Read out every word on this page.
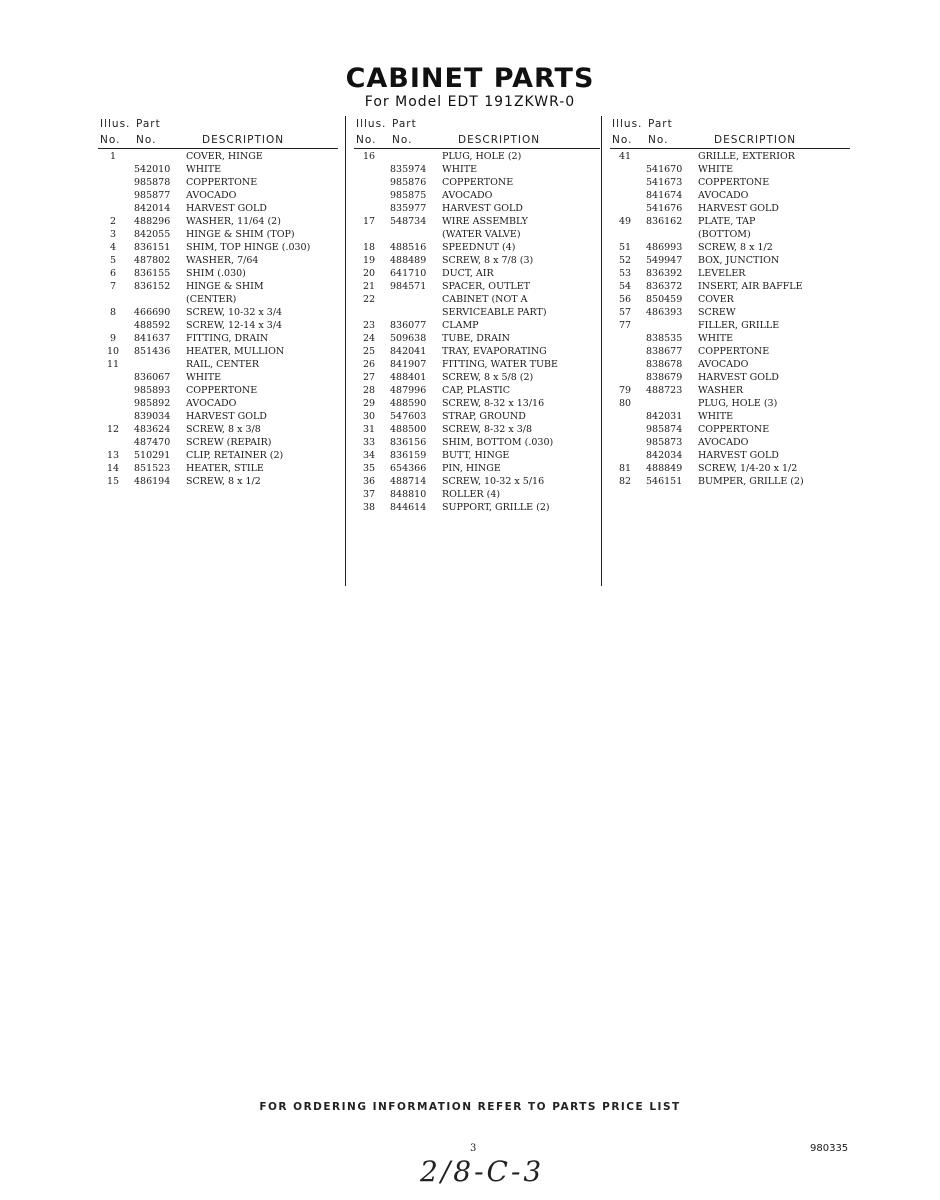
CABINET PARTS
For Model EDT 191ZKWR-0
Illus. Part
No. No.	DESCRIPTION
1	COVER, HINGE
542010 WHITE
985878 COPPERTONE
985877 AVOCADO
842014 HARVEST GOLD
2	488296 WASHER, 11/64 (2)
3	842055 HINGE & SHIM (TOP)
4	836151 SHIM, TOP HINGE (.030)
5	487802 WASHER, 7/64
6	836155 SHIM (.030)
7	836152 HINGE & SHIM
(CENTER)
8	466690 SCREW, 10-32 x 3/4
488592 SCREW, 12-14 x 3/4
9	841637 FITTING, DRAIN
10	851436 HEATER, MULLION
11	RAIL, CENTER
836067 WHITE
985893 COPPERTONE
985892 AVOCADO
839034 HARVEST GOLD
12	483624 SCREW, 8 x 3/8
487470 SCREW (REPAIR)
13	510291 CLIP, RETAINER (2)
14	851523 HEATER, STILE
15	486194 SCREW, 8 x 1/2
Illus. Part
No. No.	DESCRIPTION
16	PLUG, HOLE (2)
835974 WHITE
985876 COPPERTONE
985875 AVOCADO
835977 HARVEST GOLD
17	548734 WIRE ASSEMBLY
(WATER VALVE)
18	488516 SPEEDNUT (4)
19	488489 SCREW, 8 x 7/8 (3)
20	641710 DUCT, AIR
21	984571 SPACER, OUTLET
22	CABINET (NOT A
SERVICEABLE PART)
23	836077 CLAMP
24	509638 TUBE, DRAIN
25	842041 TRAY, EVAPORATING
26	841907 FITTING, WATER TUBE
27	488401 SCREW, 8 x 5/8 (2)
28	487996 CAP, PLASTIC
29	488590 SCREW, 8-32 x 13/16
30	547603 STRAP, GROUND
31	488500 SCREW, 8-32 x 3/8
33	836156 SHIM, BOTTOM (.030)
34	836159 BUTT, HINGE
35	654366 PIN, HINGE
36	488714 SCREW, 10-32 x 5/16
37	848810 ROLLER (4)
38	844614 SUPPORT, GRILLE (2)
Illus. Part
No. No.	DESCRIPTION
41	GRILLE, EXTERIOR
541670 WHITE
541673 COPPERTONE
841674 AVOCADO
541676 HARVEST GOLD
49	836162 PLATE, TAP
(BOTTOM)
51	486993 SCREW, 8 x 1/2
52	549947 BOX, JUNCTION
53	836392 LEVELER
54	836372 INSERT, AIR BAFFLE
56	850459 COVER
57	486393 SCREW
77	FILLER, GRILLE
838535 WHITE
838677 COPPERTONE
838678 AVOCADO
838679 HARVEST GOLD
79	488723 WASHER
80	PLUG, HOLE (3)
842031 WHITE
985874 COPPERTONE
985873 AVOCADO
842034 HARVEST GOLD
81	488849 SCREW, 1/4-20 x 1/2
82	546151 BUMPER, GRILLE (2)
FOR ORDERING INFORMATION REFER TO PARTS PRICE LIST
3	980335
2/8-C-3
